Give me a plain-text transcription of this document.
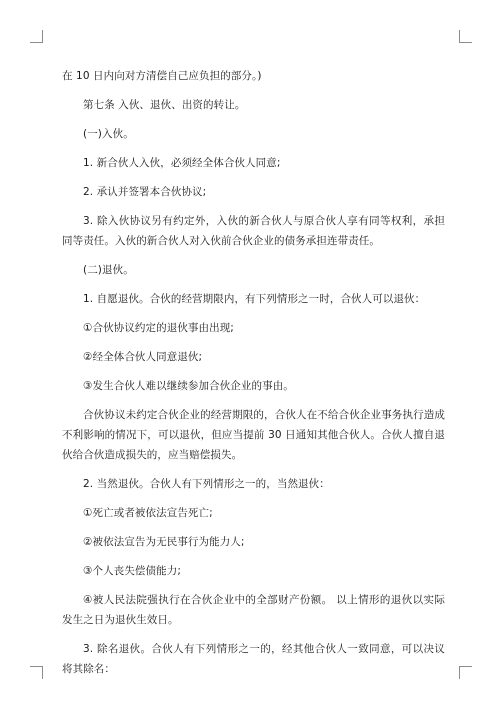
在 10 日内向对方清偿自己应负担的部分。)

第七条 入伙、退伙、出资的转让。

(一)入伙。

1. 新合伙人入伙，必须经全体合伙人同意;

2. 承认并签署本合伙协议;

3. 除入伙协议另有约定外，入伙的新合伙人与原合伙人享有同等权利，承担同等责任。入伙的新合伙人对入伙前合伙企业的债务承担连带责任。

(二)退伙。

1. 自愿退伙。合伙的经营期限内，有下列情形之一时，合伙人可以退伙：

①合伙协议约定的退伙事由出现;

②经全体合伙人同意退伙;

③发生合伙人难以继续参加合伙企业的事由。

合伙协议未约定合伙企业的经营期限的，合伙人在不给合伙企业事务执行造成不利影响的情况下，可以退伙，但应当提前 30 日通知其他合伙人。合伙人擅自退伙给合伙造成损失的，应当赔偿损失。

2. 当然退伙。合伙人有下列情形之一的，当然退伙：

①死亡或者被依法宣告死亡;

②被依法宣告为无民事行为能力人;

③个人丧失偿债能力;

④被人民法院强执行在合伙企业中的全部财产份额。 以上情形的退伙以实际发生之日为退伙生效日。

3. 除名退伙。合伙人有下列情形之一的，经其他合伙人一致同意，可以决议将其除名：
